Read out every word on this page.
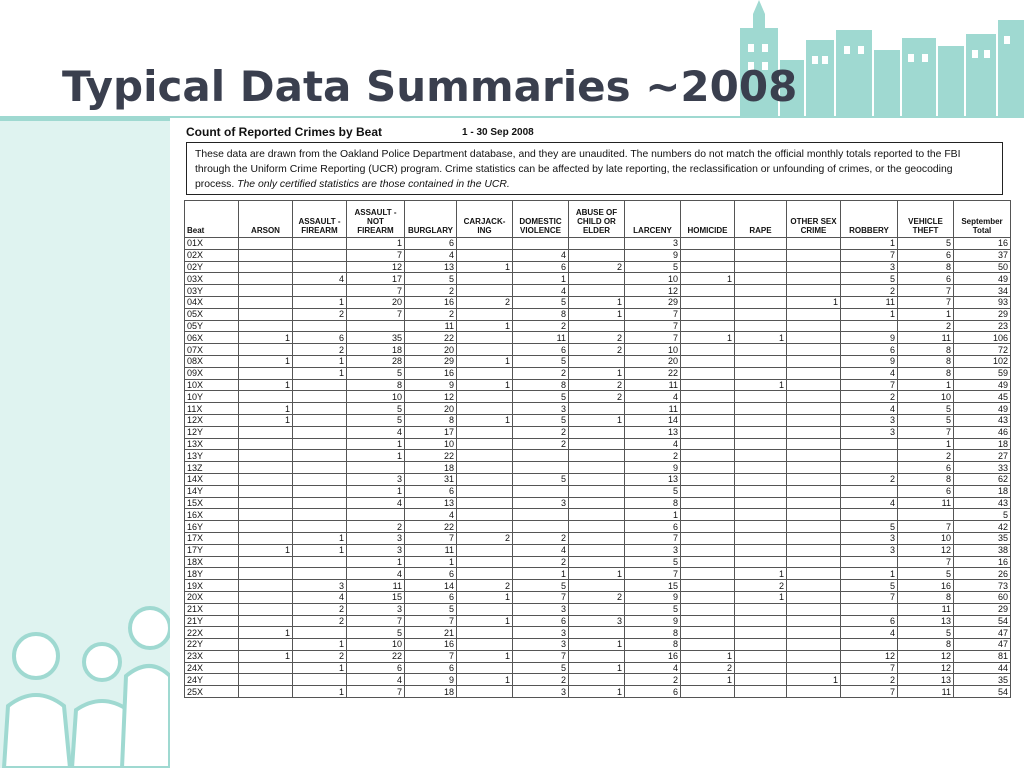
Typical Data Summaries ~2008
Count of Reported Crimes by Beat	1 - 30 Sep 2008
These data are drawn from the Oakland Police Department database, and they are unaudited. The numbers do not match the official monthly totals reported to the FBI through the Uniform Crime Reporting (UCR) program. Crime statistics can be affected by late reporting, the reclassification or unfounding of crimes, or the geocoding process. The only certified statistics are those contained in the UCR.
Beat	ARSON	ASSAULT - FIREARM	ASSAULT - NOT FIREARM	BURGLARY	CARJACK-ING	DOMESTIC VIOLENCE	ABUSE OF CHILD OR ELDER	LARCENY	HOMICIDE	RAPE	OTHER SEX CRIME	ROBBERY	VEHICLE THEFT	September Total
01X			1	6				3				1	5	16
02X			7	4		4		9				7	6	37
02Y			12	13	1	6	2	5				3	8	50
03X		4	17	5		1		10	1			5	6	49
03Y			7	2		4		12				2	7	34
04X		1	20	16	2	5	1	29			1	11	7	93
05X		2	7	2		8	1	7				1	1	29
05Y				11	1	2		7					2	23
06X	1	6	35	22		11	2	7	1	1		9	11	106
07X		2	18	20		6	2	10				6	8	72
08X	1	1	28	29	1	5		20				9	8	102
09X		1	5	16		2	1	22				4	8	59
10X	1		8	9	1	8	2	11		1		7	1	49
10Y			10	12		5	2	4				2	10	45
11X	1		5	20		3		11				4	5	49
12X	1		5	8	1	5	1	14				3	5	43
12Y			4	17		2		13				3	7	46
13X			1	10		2		4					1	18
13Y			1	22				2					2	27
13Z				18				9					6	33
14X			3	31		5		13				2	8	62
14Y			1	6				5					6	18
15X			4	13		3		8				4	11	43
16X				4				1						5
16Y			2	22				6				5	7	42
17X		1	3	7	2	2		7				3	10	35
17Y	1	1	3	11		4		3				3	12	38
18X			1	1		2		5					7	16
18Y			4	6		1	1	7		1		1	5	26
19X		3	11	14	2	5		15		2		5	16	73
20X		4	15	6	1	7	2	9		1		7	8	60
21X		2	3	5		3		5					11	29
21Y		2	7	7	1	6	3	9				6	13	54
22X	1		5	21		3		8				4	5	47
22Y		1	10	16		3	1	8					8	47
23X	1	2	22	7	1	7		16	1			12	12	81
24X		1	6	6		5	1	4	2			7	12	44
24Y			4	9	1	2		2	1		1	2	13	35
25X		1	7	18		3	1	6				7	11	54
